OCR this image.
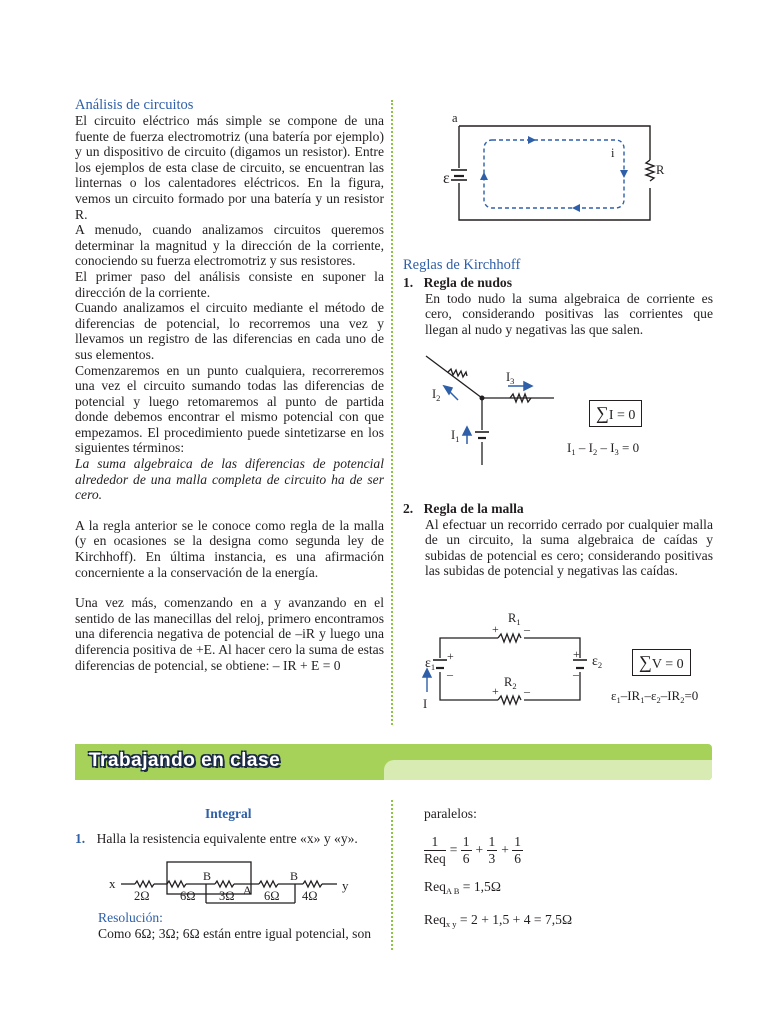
Análisis de circuitos

El circuito eléctrico más simple se compone de una fuente de fuerza electromotriz (una batería por ejemplo) y un dispositivo de circuito (digamos un resistor). Entre los ejemplos de esta clase de circuito, se encuentran las linternas o los calentadores eléctricos. En la figura, vemos un circuito formado por una batería y un resistor R.

A menudo, cuando analizamos circuitos queremos determinar la magnitud y la dirección de la corriente, conociendo su fuerza electromotriz y sus resistores.

El primer paso del análisis consiste en suponer la dirección de la corriente.

Cuando analizamos el circuito mediante el método de diferencias de potencial, lo recorremos una vez y llevamos un registro de las diferencias en cada uno de sus elementos.

Comenzaremos en un punto cualquiera, recorreremos una vez el circuito sumando todas las diferencias de potencial y luego retomaremos al punto de partida donde debemos encontrar el mismo potencial con que empezamos. El procedimiento puede sintetizarse en los siguientes términos:

La suma algebraica de las diferencias de potencial alrededor de una malla completa de circuito ha de ser cero.

A la regla anterior se le conoce como regla de la malla (y en ocasiones se la designa como segunda ley de Kirchhoff). En última instancia, es una afirmación concerniente a la conservación de la energía.

Una vez más, comenzando en a y avanzando en el sentido de las manecillas del reloj, primero encontramos una diferencia negativa de potencial de –iR y luego una diferencia positiva de +E. Al hacer cero la suma de estas diferencias de potencial, se obtiene: – IR + E = 0

a
i
R
ε
Reglas de Kirchhoff
1. Regla de nudos

En todo nudo la suma algebraica de corriente es cero, considerando positivas las corrientes que llegan al nudo y negativas las que salen.

$I_3$
$I_2$
$I_1$
∑I = 0
$I_1 - I_2 - I_3 = 0$
2. Regla de la malla

Al efectuar un recorrido cerrado por cualquier malla de un circuito, la suma algebraica de caídas y subidas de potencial es cero; considerando positivas las subidas de potencial y negativas las caídas.

+ –
+ –
+
–
+
–
$R_1$
$R_2$
$\varepsilon_1$	$\varepsilon_2$
I
∑V = 0
$\varepsilon_1-IR_1-\varepsilon_2-IR_2=0$
Trabajando en clase
Integral
1. Halla la resistencia equivalente entre «x» y «y».
x	y
B	B
A
2Ω 6Ω 3Ω 6Ω 4Ω
Resolución:
Como 6Ω; 3Ω; 6Ω están entre igual potencial, son
paralelos:
$\frac{1}{\text{Req}} = \frac{1}{6} + \frac{1}{3} + \frac{1}{6}$
Req$_{A B}$ = 1,5Ω
Req$_{x y}$ = 2 + 1,5 + 4 = 7,5Ω
